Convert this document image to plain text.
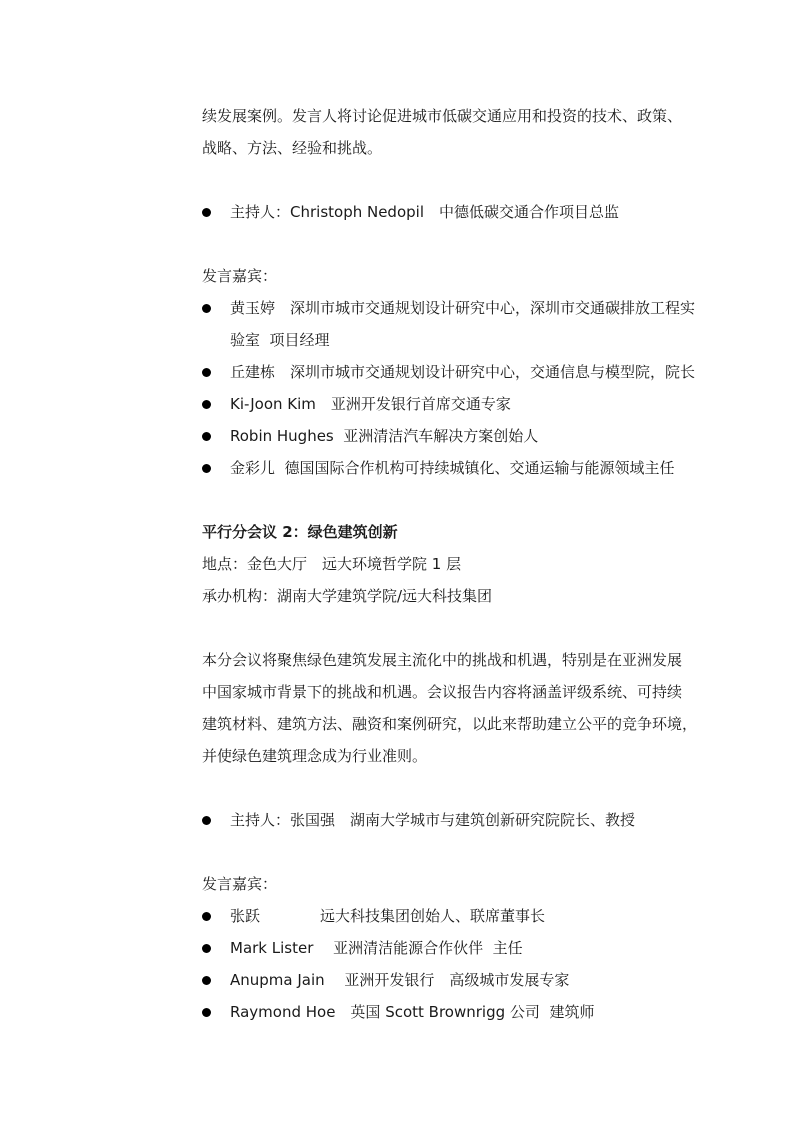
续发展案例。发言人将讨论促进城市低碳交通应用和投资的技术、政策、
战略、方法、经验和挑战。

主持人：Christoph Nedopil　中德低碳交通合作项目总监

发言嘉宾：

黄玉婷　深圳市城市交通规划设计研究中心，深圳市交通碳排放工程实

验室  项目经理

丘建栋　深圳市城市交通规划设计研究中心，交通信息与模型院，院长

Ki-Joon Kim　亚洲开发银行首席交通专家

Robin Hughes  亚洲清洁汽车解决方案创始人

金彩儿  德国国际合作机构可持续城镇化、交通运输与能源领域主任

平行分会议 2：绿色建筑创新
地点：金色大厅　远大环境哲学院 1 层
承办机构：湖南大学建筑学院/远大科技集团
本分会议将聚焦绿色建筑发展主流化中的挑战和机遇，特别是在亚洲发展
中国家城市背景下的挑战和机遇。会议报告内容将涵盖评级系统、可持续
建筑材料、建筑方法、融资和案例研究，以此来帮助建立公平的竞争环境，
并使绿色建筑理念成为行业准则。

主持人：张国强　湖南大学城市与建筑创新研究院院长、教授

发言嘉宾：

张跃　　　　远大科技集团创始人、联席董事长

Mark Lister　 亚洲清洁能源合作伙伴  主任

Anupma Jain　 亚洲开发银行　高级城市发展专家

Raymond Hoe　英国 Scott Brownrigg 公司  建筑师
